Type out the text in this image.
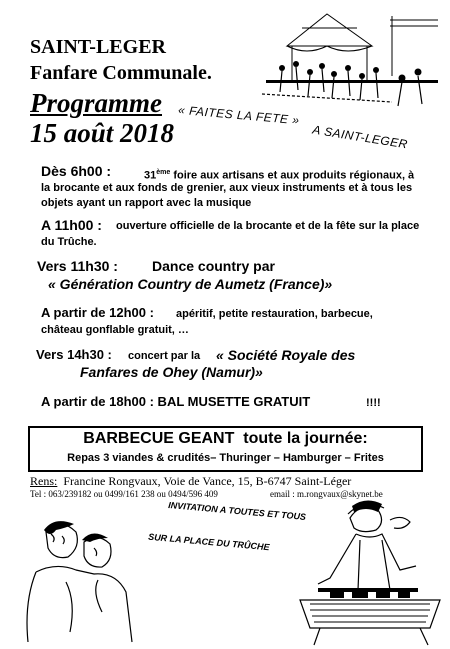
SAINT-LEGER
Fanfare Communale.
Programme
15 août 2018
« FAITES LA FETE »
A SAINT-LEGER
Dès 6h00 :	31ème foire aux artisans et aux produits régionaux, à
la brocante et aux fonds de grenier, aux vieux instruments et à tous les
objets ayant un rapport avec la musique
A 11h00 : ouverture officielle de la brocante et de la fête sur la place
du Trûche.
Vers 11h30 : Dance country par
« Génération Country de Aumetz (France)»
A partir de 12h00 : apéritif, petite restauration, barbecue,
château gonflable gratuit, …
Vers 14h30 : concert par la « Société Royale des
Fanfares de Ohey (Namur)»
A partir de 18h00 : BAL MUSETTE GRATUIT	!!!!
BARBECUE GEANT toute la journée:
Repas 3 viandes & crudités– Thuringer – Hamburger – Frites
Rens: Francine Rongvaux, Voie de Vance, 15, B-6747 Saint-Léger
Tel : 063/239182 ou 0499/161 238 ou 0494/596 409	email : m.rongvaux@skynet.be
INVITATION A TOUTES ET TOUS
SUR LA PLACE DU TRÛCHE
